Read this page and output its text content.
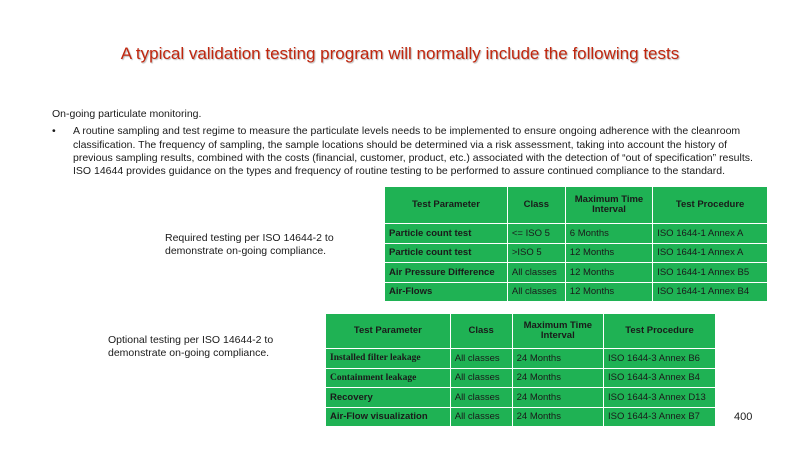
A typical validation testing program will normally include the following tests

On-going particulate monitoring.

•	A routine sampling and test regime to measure the particulate levels needs to be implemented to ensure ongoing adherence with the cleanroom classification. The frequency of sampling, the sample locations should be determined via a risk assessment, taking into account the history of previous sampling results, combined with the costs (financial, customer, product, etc.) associated with the detection of “out of specification” results. ISO 14644 provides guidance on the types and frequency of routine testing to be performed to assure continued compliance to the standard.
Required testing per ISO 14644-2 to demonstrate on-going compliance.
Optional testing per ISO 14644-2 to demonstrate on-going compliance.
Test Parameter	Class	Maximum Time Interval	Test Procedure
Particle count test	<= ISO 5	6 Months	ISO 1644-1 Annex A
Particle count test	>ISO 5	12 Months	ISO 1644-1 Annex A
Air Pressure Difference	All classes	12 Months	ISO 1644-1 Annex B5
Air-Flows	All classes	12 Months	ISO 1644-1 Annex B4
Test Parameter	Class	Maximum Time Interval	Test Procedure
Installed filter leakage	All classes	24 Months	ISO 1644-3 Annex B6
Containment leakage	All classes	24 Months	ISO 1644-3 Annex B4
Recovery	All classes	24 Months	ISO 1644-3 Annex D13
Air-Flow visualization	All classes	24 Months	ISO 1644-3 Annex B7	400
